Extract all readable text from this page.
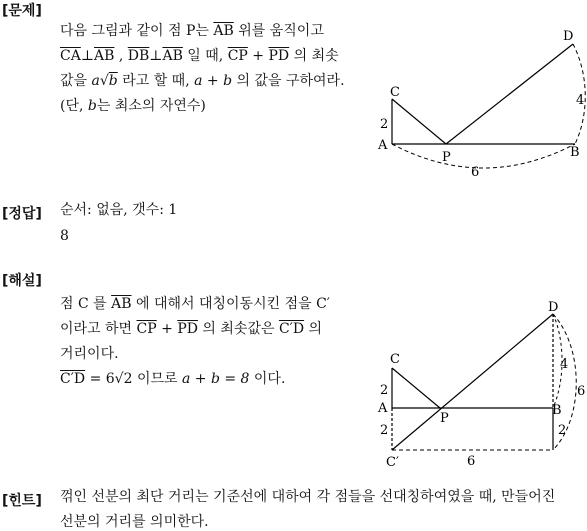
[문제]
다음 그림과 같이 점 P는 $\overline{AB}$ 위를 움직이고
$\overline{CA}\perp\overline{AB}$ , $\overline{DB}\perp\overline{AB}$ 일 때, $\overline{CP} + \overline{PD}$ 의 최솟
값을 a√b 라고 할 때, a + b 의 값을 구하여라.
(단, b는 최소의 자연수)
C
D
A
P	B
2
4
6
[정답] 순서: 없음, 갯수: 1
8
[해설]
점 C 를 $\overline{AB}$ 에 대해서 대칭이동시킨 점을 C′
이라고 하면 $\overline{CP} + \overline{PD}$ 의 최솟값은 C′D 의
거리이다.
C′D = 6√2 이므로 a + b = 8 이다.
C
D
A
P
B
C′
2
2
4
2
6
6
[힌트] 꺾인 선분의 최단 거리는 기준선에 대하여 각 점들을 선대칭하여였을 때, 만들어진
선분의 거리를 의미한다.
